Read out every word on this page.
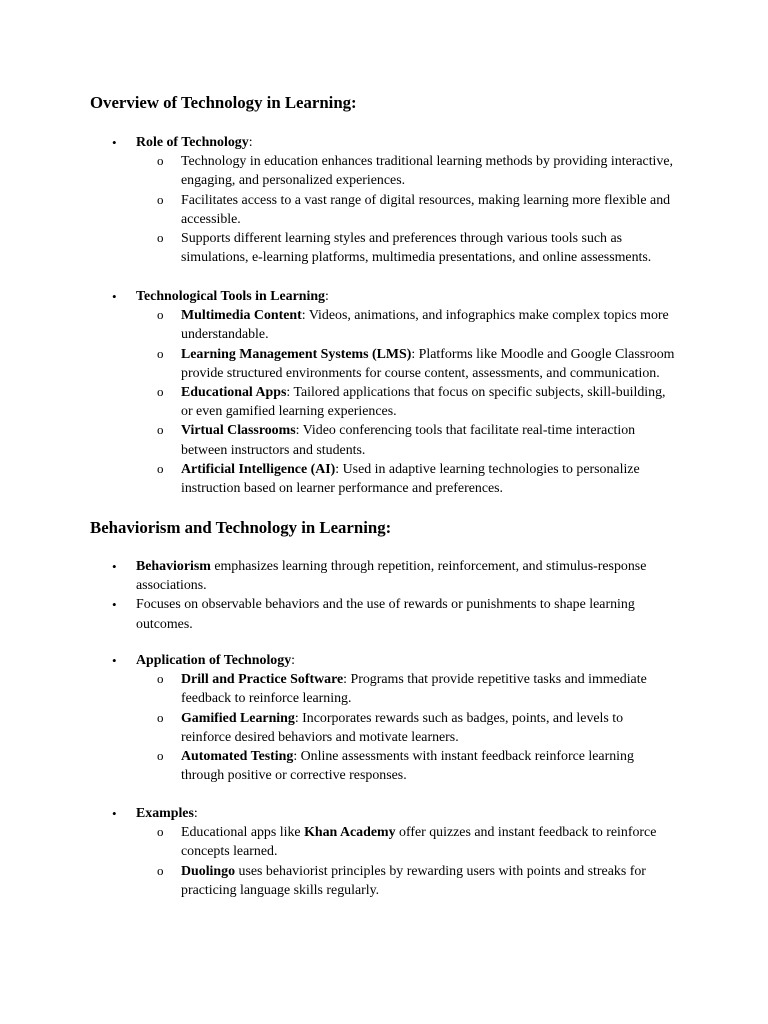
Overview of Technology in Learning:

• Role of Technology:

o Technology in education enhances traditional learning methods by providing interactive, engaging, and personalized experiences.

o Facilitates access to a vast range of digital resources, making learning more flexible and accessible.

o Supports different learning styles and preferences through various tools such as simulations, e-learning platforms, multimedia presentations, and online assessments.

• Technological Tools in Learning:

o Multimedia Content: Videos, animations, and infographics make complex topics more understandable.

o Learning Management Systems (LMS): Platforms like Moodle and Google Classroom provide structured environments for course content, assessments, and communication.

o Educational Apps: Tailored applications that focus on specific subjects, skill-building, or even gamified learning experiences.

o Virtual Classrooms: Video conferencing tools that facilitate real-time interaction between instructors and students.

o Artificial Intelligence (AI): Used in adaptive learning technologies to personalize instruction based on learner performance and preferences.

Behaviorism and Technology in Learning:

• Behaviorism emphasizes learning through repetition, reinforcement, and stimulus-response associations.

• Focuses on observable behaviors and the use of rewards or punishments to shape learning outcomes.

• Application of Technology:

o Drill and Practice Software: Programs that provide repetitive tasks and immediate feedback to reinforce learning.

o Gamified Learning: Incorporates rewards such as badges, points, and levels to reinforce desired behaviors and motivate learners.

o Automated Testing: Online assessments with instant feedback reinforce learning through positive or corrective responses.

• Examples:

o Educational apps like Khan Academy offer quizzes and instant feedback to reinforce concepts learned.

o Duolingo uses behaviorist principles by rewarding users with points and streaks for practicing language skills regularly.
